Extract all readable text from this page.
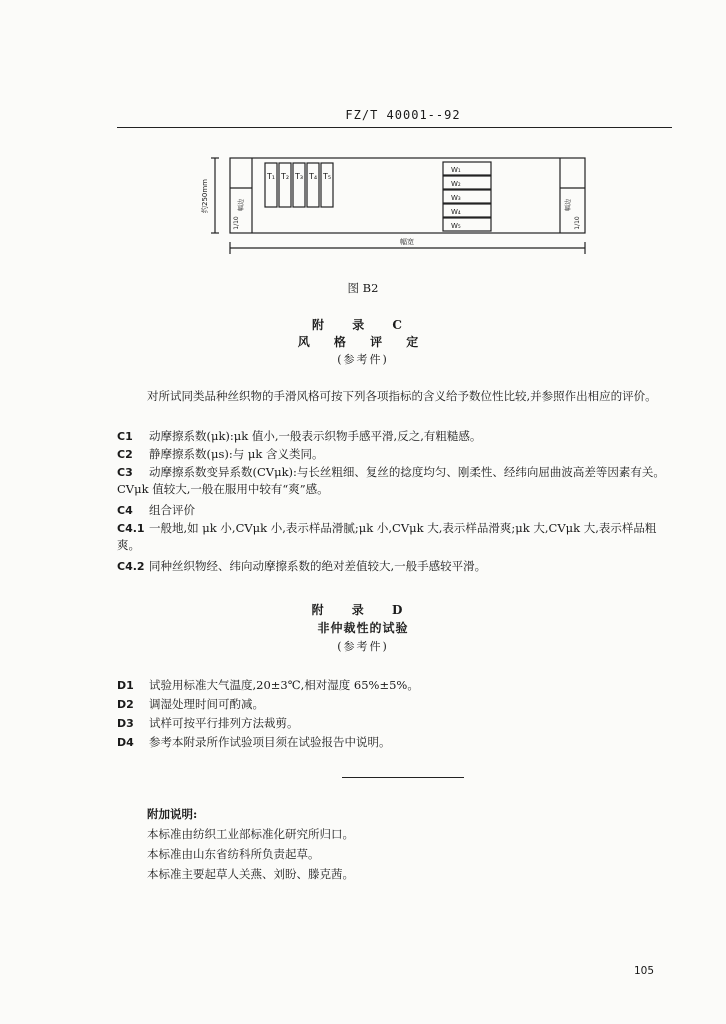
FZ/T 40001--92
T₁ T₂ T₃ T₄ T₅
W₁
W₂
W₃
W₄
W₅
约250mm	幅边
1/10
幅边
1/10
幅宽
图 B2
附 录 C
风 格 评 定
(参考件)
对所试同类品种丝织物的手滑风格可按下列各项指标的含义给予数位性比较,并参照作出相应的评价。
C1 动摩擦系数(μk):μk 值小,一般表示织物手感平滑,反之,有粗糙感。
C2 静摩擦系数(μs):与 μk 含义类同。
C3 动摩擦系数变异系数(CVμk):与长丝粗细、复丝的捻度均匀、刚柔性、经纬向屈曲波高差等因素有关。CVμk 值较大,一般在服用中较有“爽”感。
C4 组合评价
C4.1 一般地,如 μk 小,CVμk 小,表示样品滑腻;μk 小,CVμk 大,表示样品滑爽;μk 大,CVμk 大,表示样品粗爽。
C4.2 同种丝织物经、纬向动摩擦系数的绝对差值较大,一般手感较平滑。
附 录 D
非仲裁性的试验
(参考件)
D1 试验用标准大气温度,20±3℃,相对湿度 65%±5%。
D2 调湿处理时间可酌减。
D3 试样可按平行排列方法裁剪。
D4 参考本附录所作试验项目须在试验报告中说明。
附加说明:
本标准由纺织工业部标准化研究所归口。
本标准由山东省纺科所负责起草。
本标准主要起草人关燕、刘盼、滕克茜。
105
